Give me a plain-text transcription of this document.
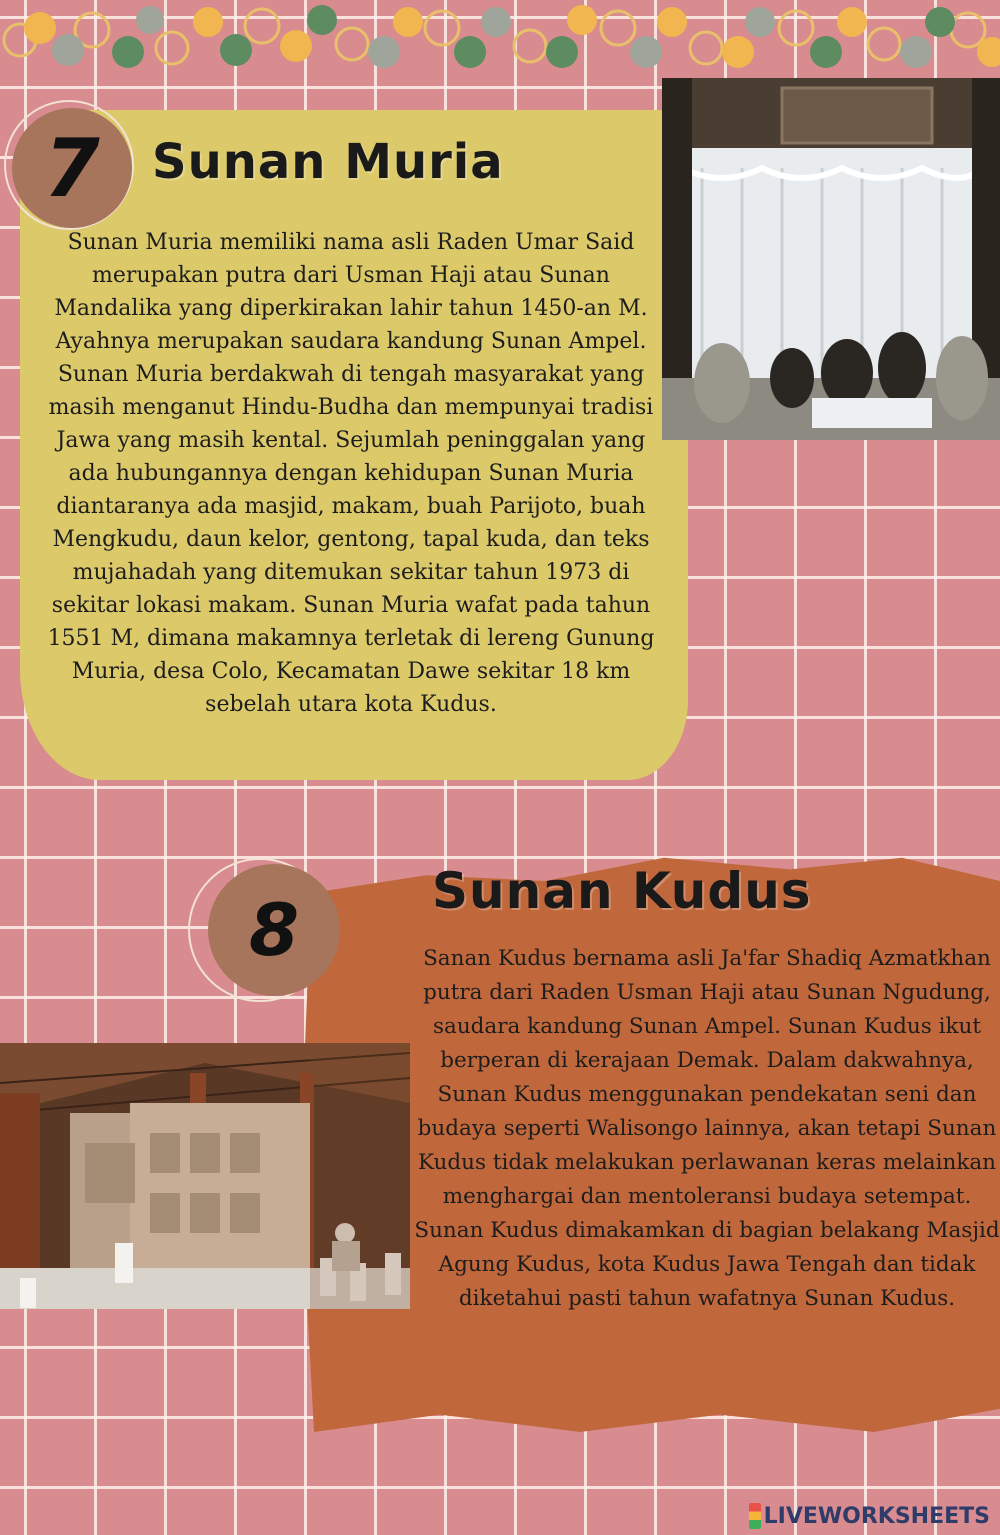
7 Sunan Muria

Sunan Muria memiliki nama asli Raden Umar Said merupakan putra dari Usman Haji atau Sunan Mandalika yang diperkirakan lahir tahun 1450-an M. Ayahnya merupakan saudara kandung Sunan Ampel. Sunan Muria berdakwah di tengah masyarakat yang masih menganut Hindu-Budha dan mempunyai tradisi Jawa yang masih kental. Sejumlah peninggalan yang ada hubungannya dengan kehidupan Sunan Muria diantaranya ada masjid, makam, buah Parijoto, buah Mengkudu, daun kelor, gentong, tapal kuda, dan teks mujahadah yang ditemukan sekitar tahun 1973 di sekitar lokasi makam. Sunan Muria wafat pada tahun 1551 M, dimana makamnya terletak di lereng Gunung Muria, desa Colo, Kecamatan Dawe sekitar 18 km sebelah utara kota Kudus.

8	Sunan Kudus

Sanan Kudus bernama asli Ja'far Shadiq Azmatkhan putra dari Raden Usman Haji atau Sunan Ngudung, saudara kandung Sunan Ampel. Sunan Kudus ikut berperan di kerajaan Demak. Dalam dakwahnya, Sunan Kudus menggunakan pendekatan seni dan budaya seperti Walisongo lainnya, akan tetapi Sunan Kudus tidak melakukan perlawanan keras melainkan menghargai dan mentoleransi budaya setempat. Sunan Kudus dimakamkan di bagian belakang Masjid Agung Kudus, kota Kudus Jawa Tengah dan tidak diketahui pasti tahun wafatnya Sunan Kudus.

LIVEWORKSHEETS
